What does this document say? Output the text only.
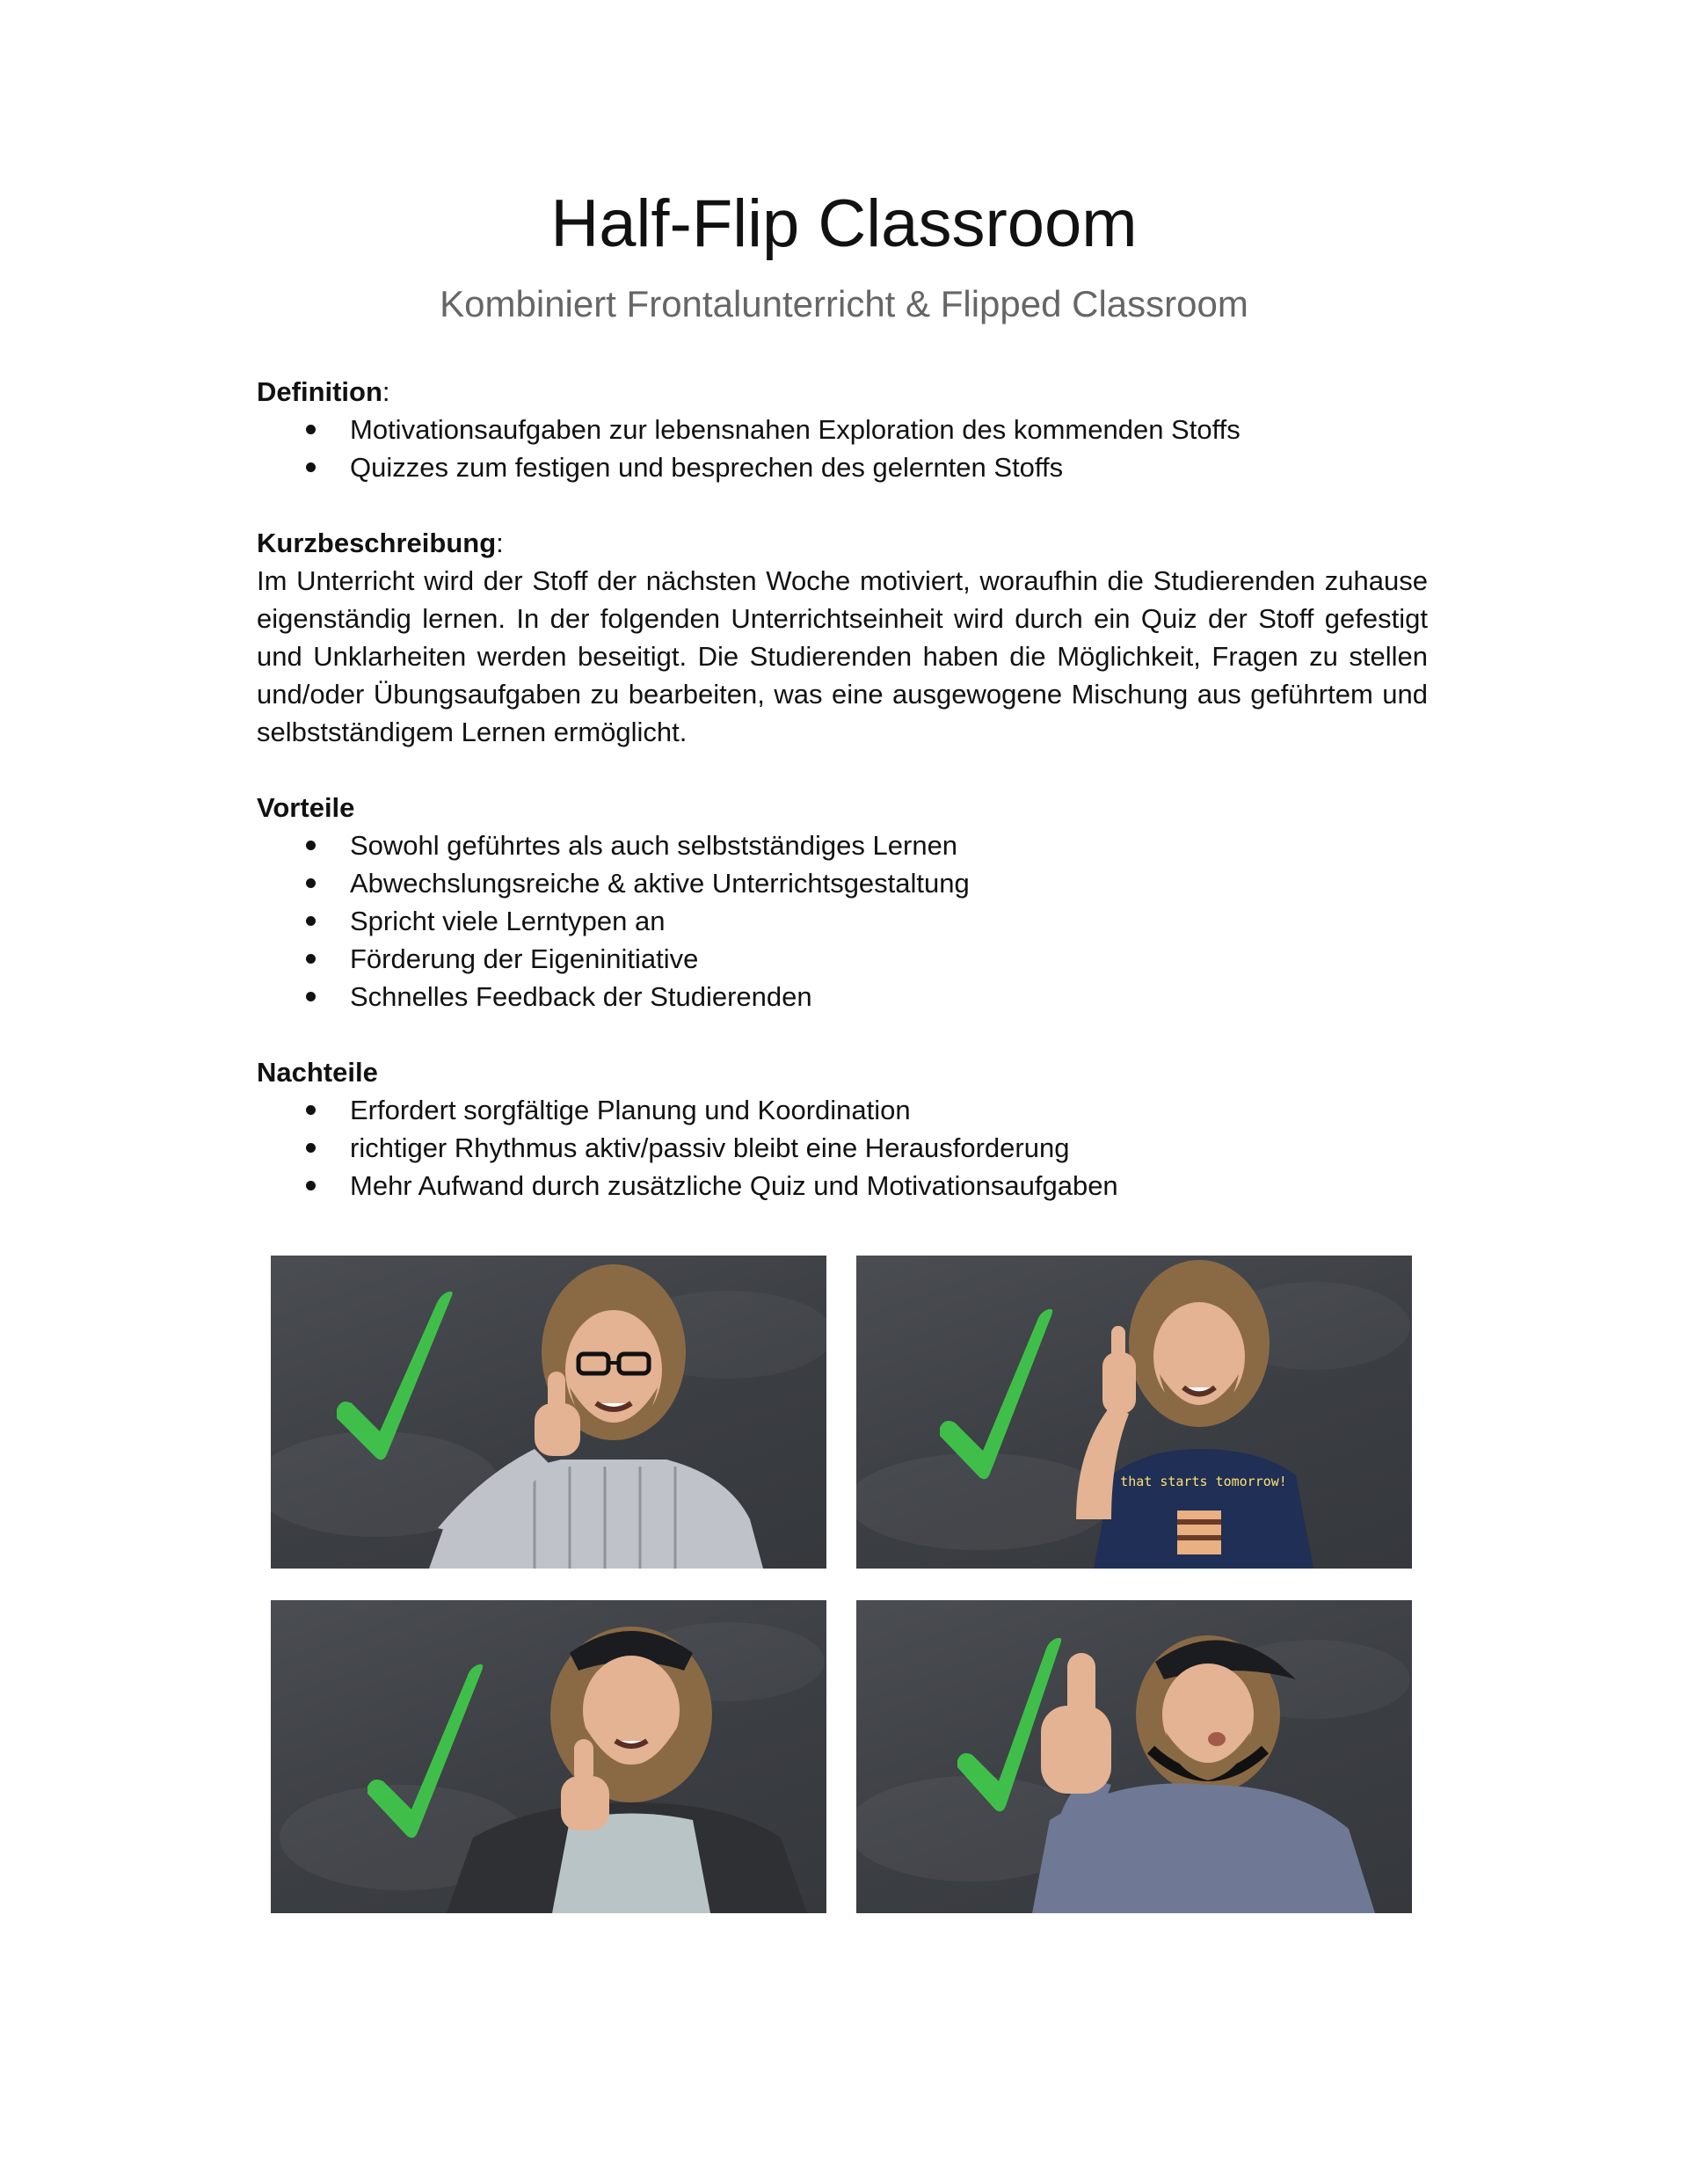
Half-Flip Classroom
Kombiniert Frontalunterricht & Flipped Classroom

Definition:

Motivationsaufgaben zur lebensnahen Exploration des kommenden Stoffs
Quizzes zum festigen und besprechen des gelernten Stoffs

Kurzbeschreibung:

Im Unterricht wird der Stoff der nächsten Woche motiviert, woraufhin die Studierenden zuhause eigenständig lernen. In der folgenden Unterrichtseinheit wird durch ein Quiz der Stoff gefestigt und Unklarheiten werden beseitigt. Die Studierenden haben die Möglichkeit, Fragen zu stellen und/oder Übungsaufgaben zu bearbeiten, was eine ausgewogene Mischung aus geführtem und selbstständigem Lernen ermöglicht.

Vorteile

Sowohl geführtes als auch selbstständiges Lernen
Abwechslungsreiche & aktive Unterrichtsgestaltung
Spricht viele Lerntypen an
Förderung der Eigeninitiative
Schnelles Feedback der Studierenden

Nachteile

Erfordert sorgfältige Planung und Koordination
richtiger Rhythmus aktiv/passiv bleibt eine Herausforderung
Mehr Aufwand durch zusätzliche Quiz und Motivationsaufgaben
that starts tomorrow!
